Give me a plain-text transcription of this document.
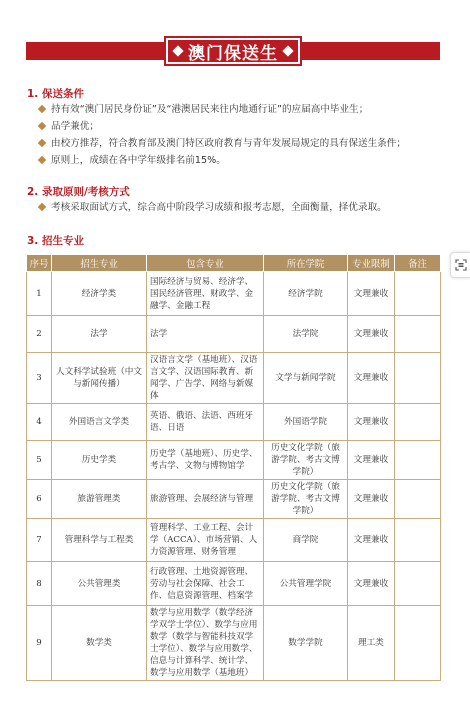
澳门保送生
1. 保送条件
持有效“澳门居民身份证”及“港澳居民来往内地通行证”的应届高中毕业生；
品学兼优；
由校方推荐，符合教育部及澳门特区政府教育与青年发展局规定的具有保送生条件；
原则上，成绩在各中学年级排名前15%。
2. 录取原则/考核方式
考核采取面试方式，综合高中阶段学习成绩和报考志愿，全面衡量，择优录取。
3. 招生专业
序号	招生专业	包含专业	所在学院	专业限制	备注
1	经济学类	国际经济与贸易、经济学、国民经济管理、财政学、金融学、金融工程	经济学院	文理兼收	
2	法学	法学	法学院	文理兼收	
3	人文科学试验班（中文与新闻传播）	汉语言文学（基地班）、汉语言文学、汉语国际教育、新闻学、广告学、网络与新媒体	文学与新闻学院	文理兼收	
4	外国语言文学类	英语、俄语、法语、西班牙语、日语	外国语学院	文理兼收	
5	历史学类	历史学（基地班）、历史学、考古学、文物与博物馆学	历史文化学院（旅游学院、考古文博学院）	文理兼收	
6	旅游管理类	旅游管理、会展经济与管理	历史文化学院（旅游学院、考古文博学院）	文理兼收	
7	管理科学与工程类	管理科学、工业工程、会计学（ACCA）、市场营销、人力资源管理、财务管理	商学院	文理兼收	
8	公共管理类	行政管理、土地资源管理、劳动与社会保障、社会工作、信息资源管理、档案学	公共管理学院	文理兼收	
9	数学类	数学与应用数学（数学经济学双学士学位）、数学与应用数学（数学与智能科技双学士学位）、数学与应用数学、信息与计算科学、统计学、数学与应用数学（基地班）	数学学院	理工类	
